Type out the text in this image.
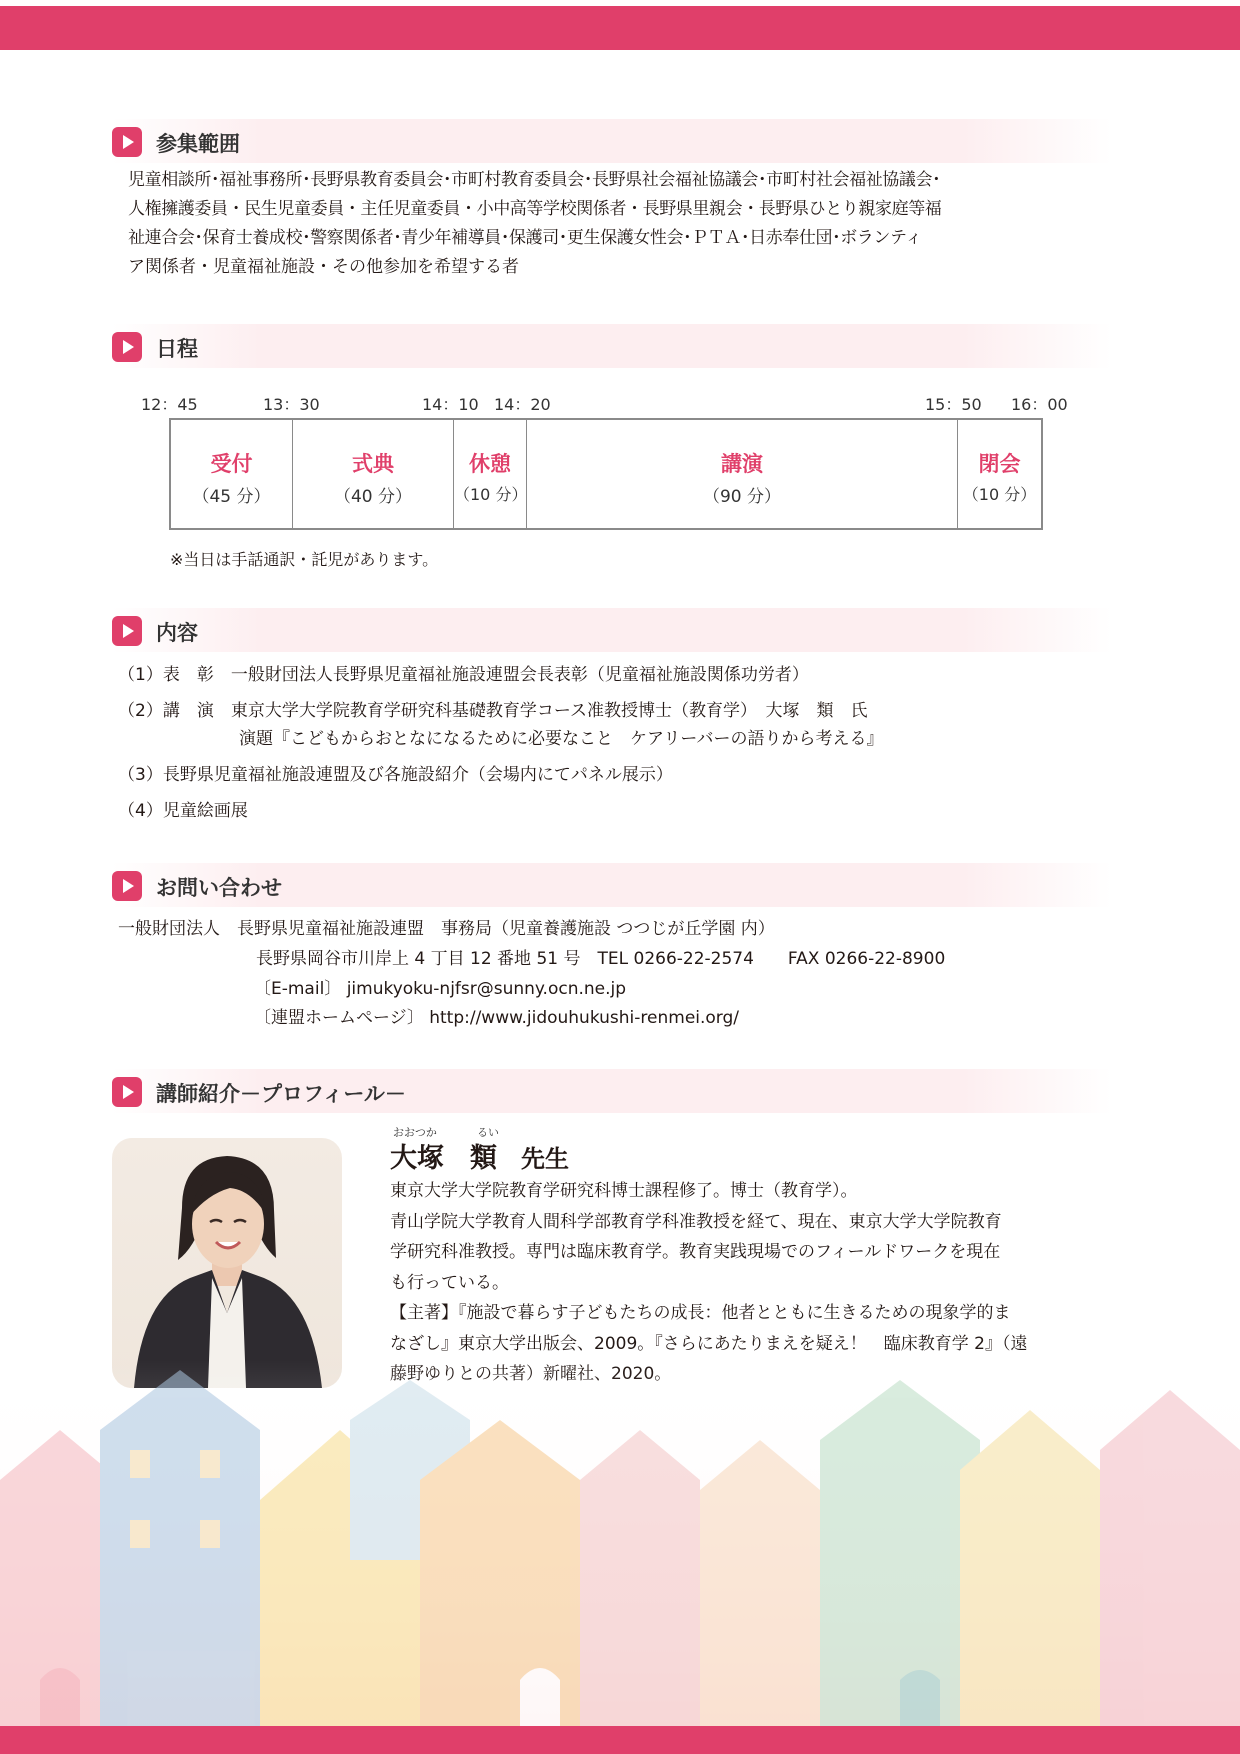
参集範囲
児童相談所･福祉事務所･長野県教育委員会･市町村教育委員会･長野県社会福祉協議会･市町村社会福祉協議会･
人権擁護委員・民生児童委員・主任児童委員・小中高等学校関係者・長野県里親会・長野県ひとり親家庭等福
祉連合会･保育士養成校･警察関係者･青少年補導員･保護司･更生保護女性会･ＰＴＡ･日赤奉仕団･ボランティ
ア関係者・児童福祉施設・その他参加を希望する者
日程
12：45	13：30	14：10 14：20	15：50 16：00
受付
（45 分）
式典
（40 分）
休憩
（10 分）
講演
（90 分）
閉会
（10 分）
※当日は手話通訳・託児があります。
内容
（1）表　彰　一般財団法人長野県児童福祉施設連盟会長表彰（児童福祉施設関係功労者）
（2）講　演　東京大学大学院教育学研究科基礎教育学コース准教授博士（教育学）　大塚　類　氏
演題『こどもからおとなになるために必要なこと　ケアリーバーの語りから考える』
（3）長野県児童福祉施設連盟及び各施設紹介（会場内にてパネル展示）
（4）児童絵画展
お問い合わせ
一般財団法人　長野県児童福祉施設連盟　事務局（児童養護施設 つつじが丘学園 内）
長野県岡谷市川岸上 4 丁目 12 番地 51 号　TEL 0266-22-2574　　FAX 0266-22-8900
〔E-mail〕 jimukyoku-njfsr@sunny.ocn.ne.jp
〔連盟ホームページ〕 http://www.jidouhukushi-renmei.org/
講師紹介－プロフィール－
おおつか	るい
大塚 類 先生
東京大学大学院教育学研究科博士課程修了。博士（教育学）。
青山学院大学教育人間科学部教育学科准教授を経て、現在、東京大学大学院教育
学研究科准教授。専門は臨床教育学。教育実践現場でのフィールドワークを現在
も行っている。
【主著】『施設で暮らす子どもたちの成長：他者とともに生きるための現象学的ま
なざし』東京大学出版会、2009。『さらにあたりまえを疑え！　臨床教育学 2』（遠
